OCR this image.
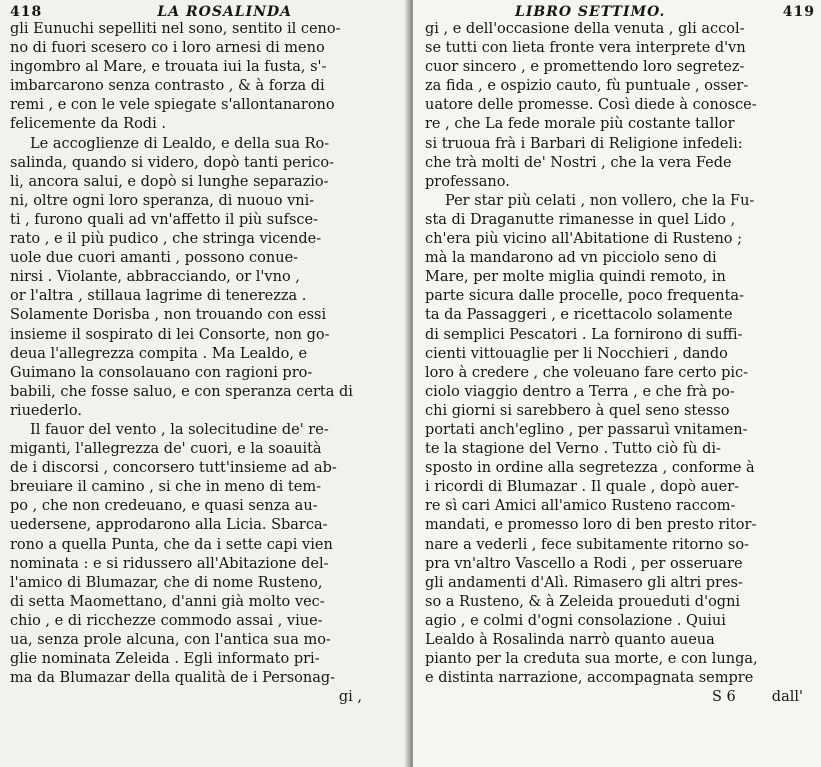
418	LA ROSALINDA
gli Eunuchi sepelliti nel sono, sentito il ceno-
no di fuori scesero co i loro arnesi di meno
ingombro al Mare, e trouata iui la fusta, s'-
imbarcarono senza contrasto , & à forza di
remi , e con le vele spiegate s'allontanarono
felicemente da Rodi .
Le accoglienze di Lealdo, e della sua Ro-
salinda, quando si videro, dopò tanti perico-
li, ancora salui, e dopò si lunghe separazio-
ni, oltre ogni loro speranza, di nuouo vni-
ti , furono quali ad vn'affetto il più sufsce-
rato , e il più pudico , che stringa vicende-
uole due cuori amanti , possono conue-
nirsi . Violante, abbracciando, or l'vno ,
or l'altra , stillaua lagrime di tenerezza .
Solamente Dorisba , non trouando con essi
insieme il sospirato di lei Consorte, non go-
deua l'allegrezza compita . Ma Lealdo, e
Guimano la consolauano con ragioni pro-
babili, che fosse saluo, e con speranza certa di
riuederlo.
Il fauor del vento , la solecitudine de' re-
miganti, l'allegrezza de' cuori, e la soauità
de i discorsi , concorsero tutt'insieme ad ab-
breuiare il camino , si che in meno di tem-
po , che non credeuano, e quasi senza au-
uedersene, approdarono alla Licia. Sbarca-
rono a quella Punta, che da i sette capi vien
nominata : e si ridussero all'Abitazione del-
l'amico di Blumazar, che di nome Rusteno,
di setta Maomettano, d'anni già molto vec-
chio , e di ricchezze commodo assai , viue-
ua, senza prole alcuna, con l'antica sua mo-
glie nominata Zeleida . Egli informato pri-
ma da Blumazar della qualità de i Personag-
gi ,
LIBRO SETTIMO.	419
gi , e dell'occasione della venuta , gli accol-
se tutti con lieta fronte vera interprete d'vn
cuor sincero , e promettendo loro segretez-
za fida , e ospizio cauto, fù puntuale , osser-
uatore delle promesse. Così diede à conosce-
re , che La fede morale più costante tallor
si truoua frà i Barbari di Religione infedeli:
che trà molti de' Nostri , che la vera Fede
professano.
Per star più celati , non vollero, che la Fu-
sta di Draganutte rimanesse in quel Lido ,
ch'era più vicino all'Abitatione di Rusteno ;
mà la mandarono ad vn picciolo seno di
Mare, per molte miglia quindi remoto, in
parte sicura dalle procelle, poco frequenta-
ta da Passaggeri , e ricettacolo solamente
di semplici Pescatori . La fornirono di suffi-
cienti vittouaglie per li Nocchieri , dando
loro à credere , che voleuano fare certo pic-
ciolo viaggio dentro a Terra , e che frà po-
chi giorni si sarebbero à quel seno stesso
portati anch'eglino , per passaruì vnitamen-
te la stagione del Verno . Tutto ciò fù di-
sposto in ordine alla segretezza , conforme à
i ricordi di Blumazar . Il quale , dopò auer-
re sì cari Amici all'amico Rusteno raccom-
mandati, e promesso loro di ben presto ritor-
nare a vederli , fece subitamente ritorno so-
pra vn'altro Vascello a Rodi , per osseruare
gli andamenti d'Alì. Rimasero gli altri pres-
so a Rusteno, & à Zeleida proueduti d'ogni
agio , e colmi d'ogni consolazione . Quiui
Lealdo à Rosalinda narrò quanto aueua
pianto per la creduta sua morte, e con lunga,
e distinta narrazione, accompagnata sempre
S 6 dall'
